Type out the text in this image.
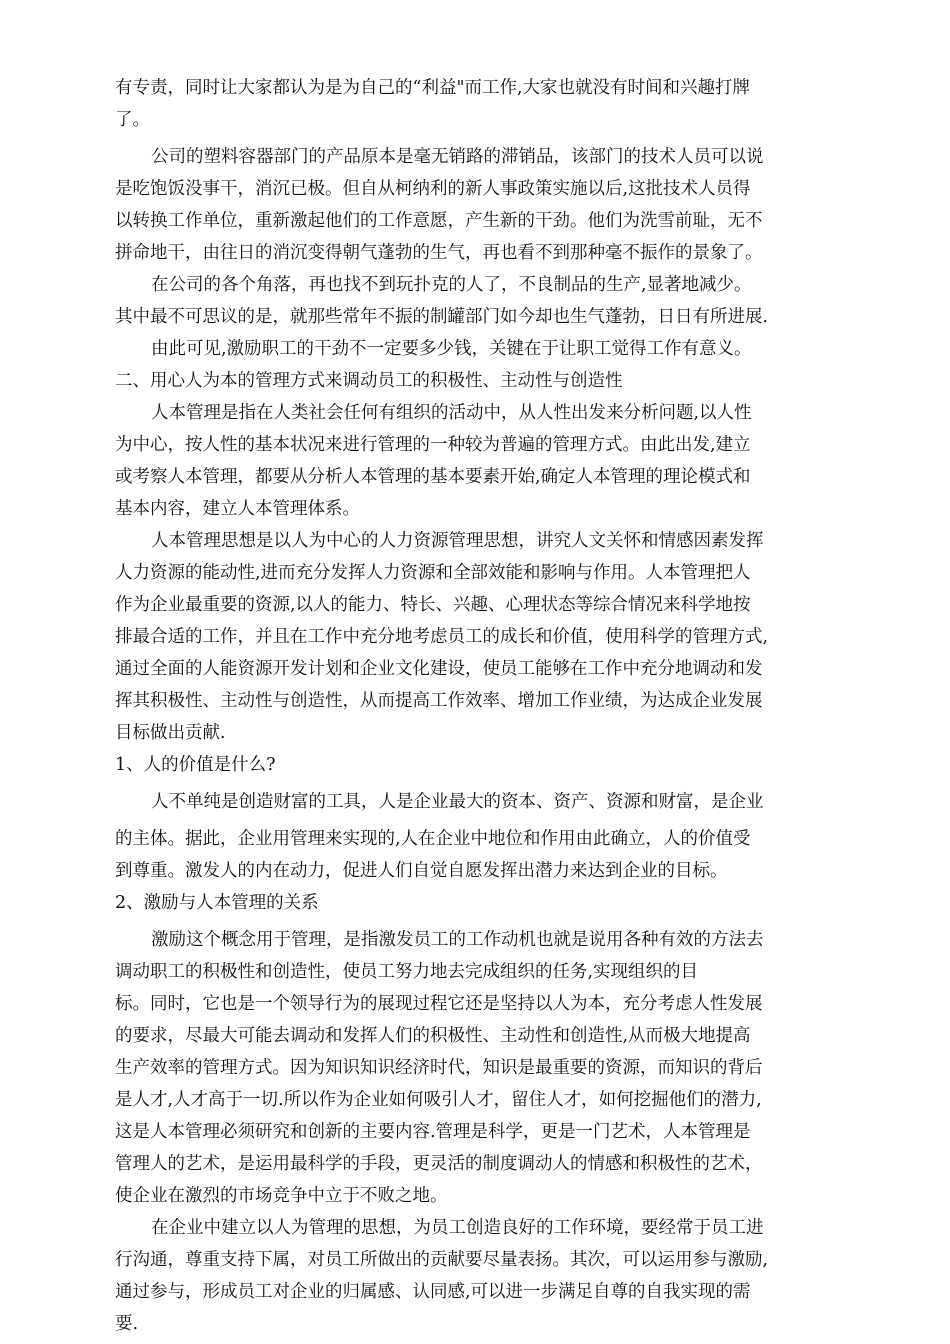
有专责，同时让大家都认为是为自己的“利益"而工作,大家也就没有时间和兴趣打牌
了。
公司的塑料容器部门的产品原本是毫无销路的滞销品，该部门的技术人员可以说
是吃饱饭没事干，消沉已极。但自从柯纳利的新人事政策实施以后,这批技术人员得
以转换工作单位，重新激起他们的工作意愿，产生新的干劲。他们为洗雪前耻，无不
拼命地干，由往日的消沉变得朝气蓬勃的生气，再也看不到那种毫不振作的景象了。
在公司的各个角落，再也找不到玩扑克的人了，不良制品的生产,显著地减少。
其中最不可思议的是，就那些常年不振的制罐部门如今却也生气蓬勃，日日有所进展.
由此可见,激励职工的干劲不一定要多少钱，关键在于让职工觉得工作有意义。
二、用心人为本的管理方式来调动员工的积极性、主动性与创造性
人本管理是指在人类社会任何有组织的活动中，从人性出发来分析问题,以人性
为中心，按人性的基本状况来进行管理的一种较为普遍的管理方式。由此出发,建立
或考察人本管理，都要从分析人本管理的基本要素开始,确定人本管理的理论模式和
基本内容，建立人本管理体系。
人本管理思想是以人为中心的人力资源管理思想，讲究人文关怀和情感因素发挥
人力资源的能动性,进而充分发挥人力资源和全部效能和影响与作用。人本管理把人
作为企业最重要的资源,以人的能力、特长、兴趣、心理状态等综合情况来科学地按
排最合适的工作，并且在工作中充分地考虑员工的成长和价值，使用科学的管理方式,
通过全面的人能资源开发计划和企业文化建设，使员工能够在工作中充分地调动和发
挥其积极性、主动性与创造性，从而提高工作效率、增加工作业绩，为达成企业发展
目标做出贡献.
1、人的价值是什么?
人不单纯是创造财富的工具，人是企业最大的资本、资产、资源和财富，是企业
的主体。据此，企业用管理来实现的,人在企业中地位和作用由此确立，人的价值受
到尊重。激发人的内在动力，促进人们自觉自愿发挥出潜力来达到企业的目标。
2、激励与人本管理的关系
激励这个概念用于管理，是指激发员工的工作动机也就是说用各种有效的方法去
调动职工的积极性和创造性，使员工努力地去完成组织的任务,实现组织的目
标。同时，它也是一个领导行为的展现过程它还是坚持以人为本，充分考虑人性发展
的要求，尽最大可能去调动和发挥人们的积极性、主动性和创造性,从而极大地提高
生产效率的管理方式。因为知识知识经济时代，知识是最重要的资源，而知识的背后
是人才,人才高于一切.所以作为企业如何吸引人才，留住人才，如何挖掘他们的潜力,
这是人本管理必须研究和创新的主要内容.管理是科学，更是一门艺术，人本管理是
管理人的艺术，是运用最科学的手段，更灵活的制度调动人的情感和积极性的艺术，
使企业在激烈的市场竞争中立于不败之地。
在企业中建立以人为管理的思想，为员工创造良好的工作环境，要经常于员工进
行沟通，尊重支持下属，对员工所做出的贡献要尽量表扬。其次，可以运用参与激励,
通过参与，形成员工对企业的归属感、认同感,可以进一步满足自尊的自我实现的需
要.
